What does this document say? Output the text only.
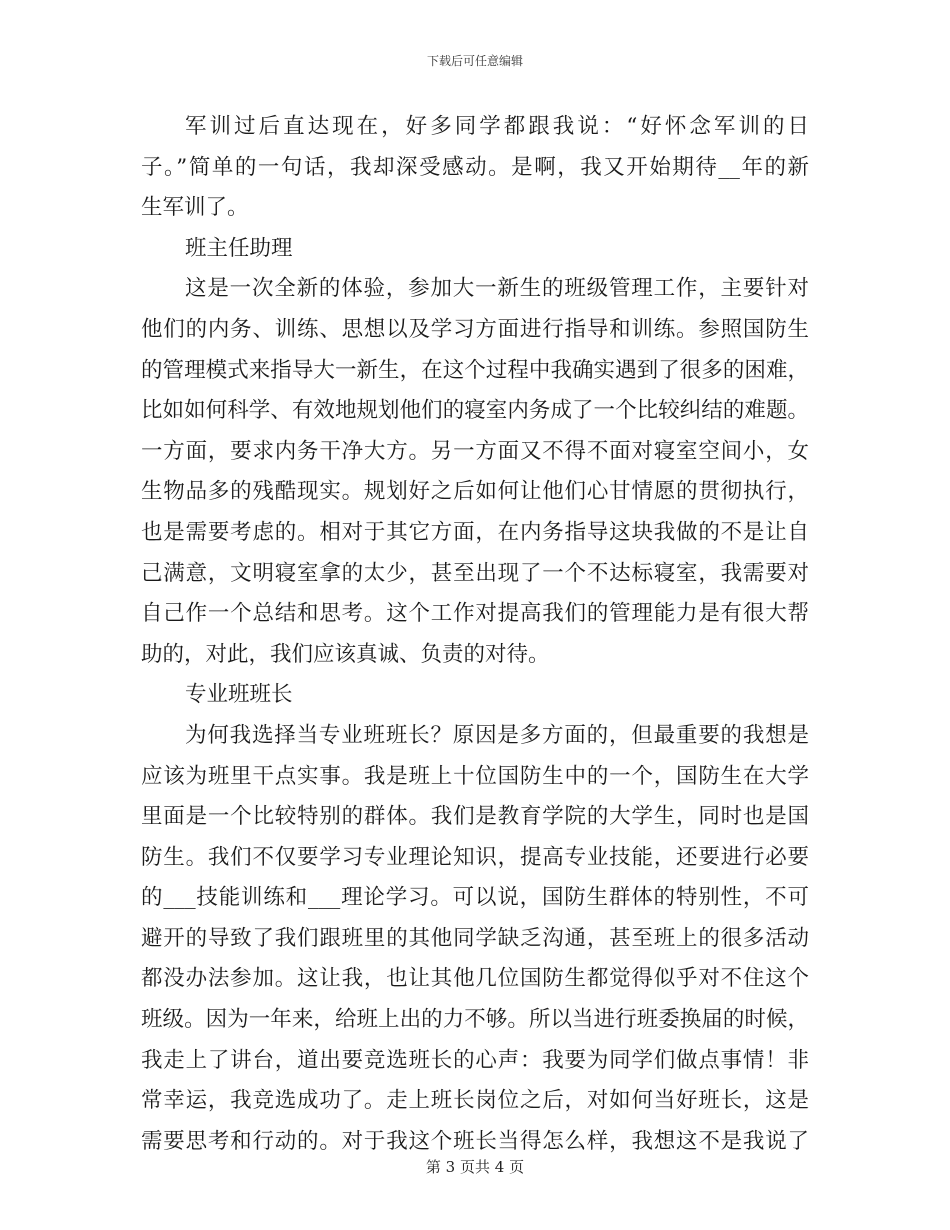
下载后可任意编辑
军训过后直达现在，好多同学都跟我说：“好怀念军训的日
子。”简单的一句话，我却深受感动。是啊，我又开始期待__年的新
生军训了。
班主任助理
这是一次全新的体验，参加大一新生的班级管理工作，主要针对
他们的内务、训练、思想以及学习方面进行指导和训练。参照国防生
的管理模式来指导大一新生，在这个过程中我确实遇到了很多的困难，
比如如何科学、有效地规划他们的寝室内务成了一个比较纠结的难题。
一方面，要求内务干净大方。另一方面又不得不面对寝室空间小，女
生物品多的残酷现实。规划好之后如何让他们心甘情愿的贯彻执行，
也是需要考虑的。相对于其它方面，在内务指导这块我做的不是让自
己满意，文明寝室拿的太少，甚至出现了一个不达标寝室，我需要对
自己作一个总结和思考。这个工作对提高我们的管理能力是有很大帮
助的，对此，我们应该真诚、负责的对待。
专业班班长
为何我选择当专业班班长？原因是多方面的，但最重要的我想是
应该为班里干点实事。我是班上十位国防生中的一个，国防生在大学
里面是一个比较特别的群体。我们是教育学院的大学生，同时也是国
防生。我们不仅要学习专业理论知识，提高专业技能，还要进行必要
的___技能训练和___理论学习。可以说，国防生群体的特别性，不可
避开的导致了我们跟班里的其他同学缺乏沟通，甚至班上的很多活动
都没办法参加。这让我，也让其他几位国防生都觉得似乎对不住这个
班级。因为一年来，给班上出的力不够。所以当进行班委换届的时候，
我走上了讲台，道出要竞选班长的心声：我要为同学们做点事情！非
常幸运，我竞选成功了。走上班长岗位之后，对如何当好班长，这是
需要思考和行动的。对于我这个班长当得怎么样，我想这不是我说了
第 3 页共 4 页
